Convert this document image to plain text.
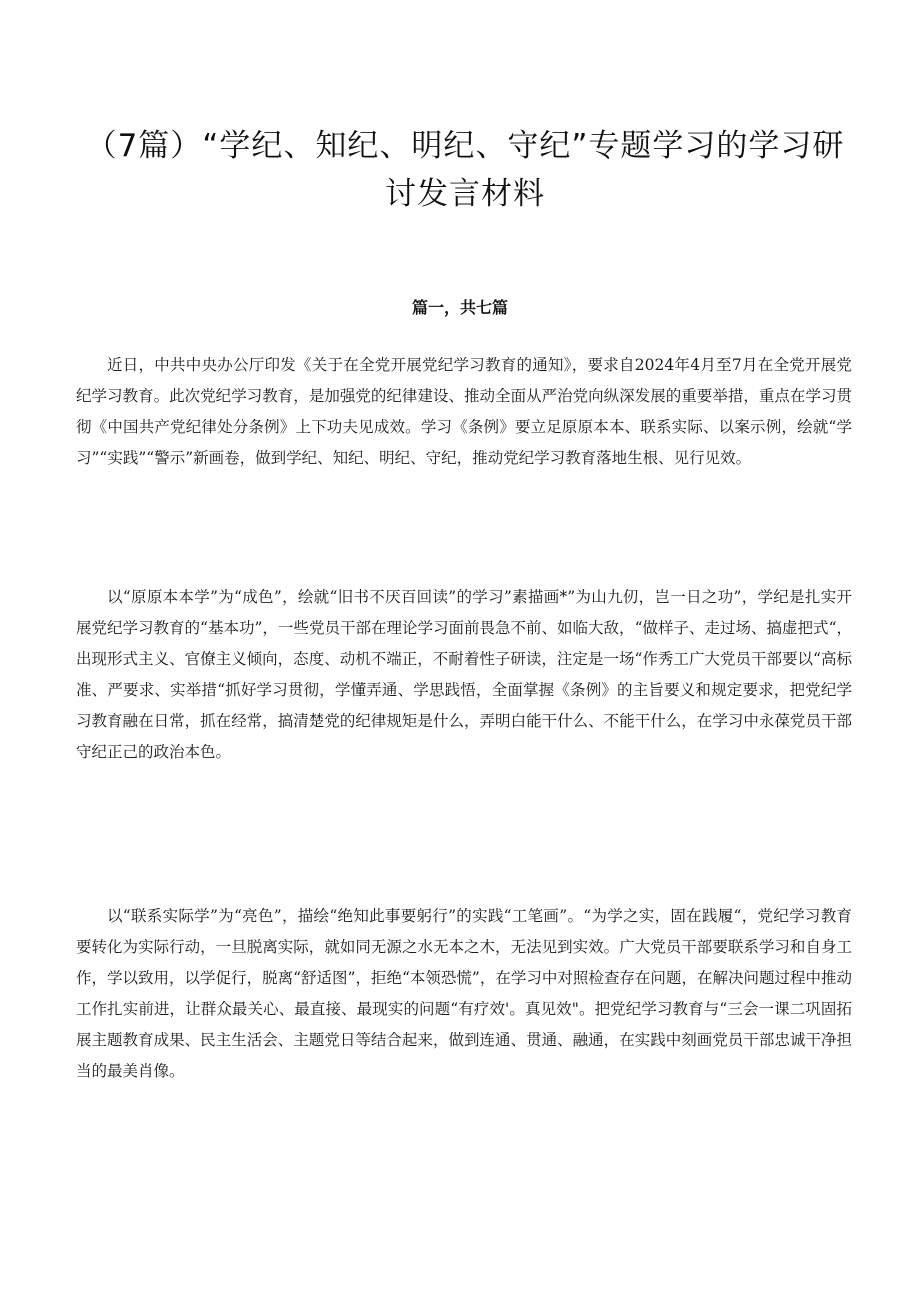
（7篇）“学纪、知纪、明纪、守纪”专题学习的学习研讨发言材料
篇一，共七篇

近日，中共中央办公厅印发《关于在全党开展党纪学习教育的通知》，要求自2024年4月至7月在全党开展党纪学习教育。此次党纪学习教育，是加强党的纪律建设、推动全面从严治党向纵深发展的重要举措，重点在学习贯彻《中国共产党纪律处分条例》上下功夫见成效。学习《条例》要立足原原本本、联系实际、以案示例，绘就“学习”“实践”“警示”新画卷，做到学纪、知纪、明纪、守纪，推动党纪学习教育落地生根、见行见效。

以“原原本本学”为“成色”，绘就“旧书不厌百回读”的学习”素描画*”为山九仞，岂一日之功”，学纪是扎实开展党纪学习教育的“基本功”，一些党员干部在理论学习面前畏急不前、如临大敌，“做样子、走过场、搞虚把式“，出现形式主义、官僚主义倾向，态度、动机不端正，不耐着性子研读，注定是一场“作秀工广大党员干部要以“高标准、严要求、实举措“抓好学习贯彻，学懂弄通、学思践悟，全面掌握《条例》的主旨要义和规定要求，把党纪学习教育融在日常，抓在经常，搞清楚党的纪律规矩是什么，弄明白能干什么、不能干什么，在学习中永葆党员干部守纪正己的政治本色。

以“联系实际学”为“亮色”，描绘“绝知此事要躬行”的实践“工笔画”。“为学之实，固在践履“，党纪学习教育要转化为实际行动，一旦脱离实际，就如同无源之水无本之木，无法见到实效。广大党员干部要联系学习和自身工作，学以致用，以学促行，脱离“舒适图”，拒绝“本领恐慌”，在学习中对照检查存在问题，在解决问题过程中推动工作扎实前进，让群众最关心、最直接、最现实的问题“有疗效'。真见效"。把党纪学习教育与“三会一课二巩固拓展主题教育成果、民主生活会、主题党日等结合起来，做到连通、贯通、融通，在实践中刻画党员干部忠诚干净担当的最美肖像。
